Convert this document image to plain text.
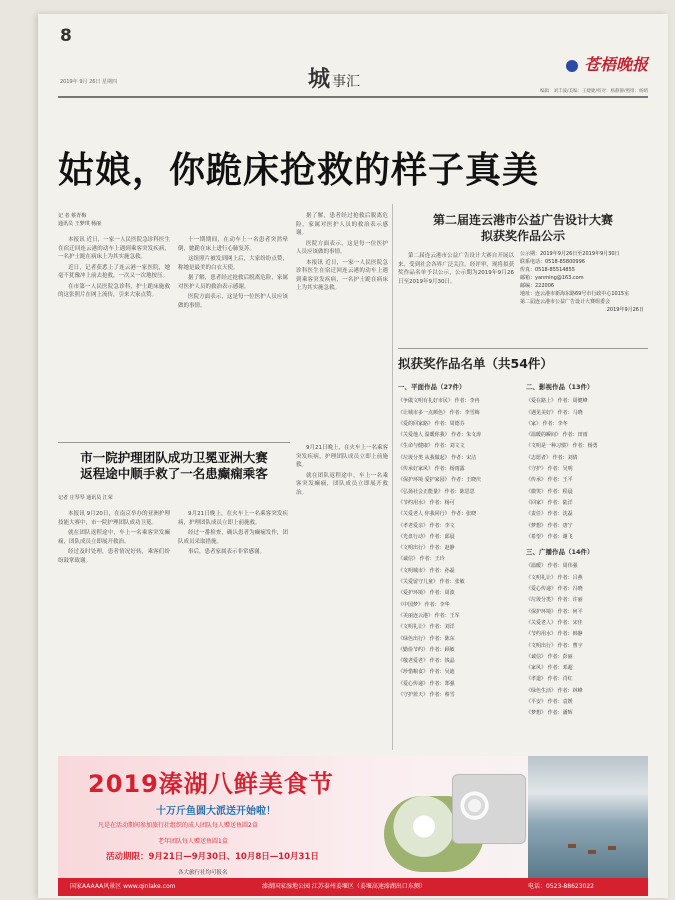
8
2019年 9月 26日 星期四	城事汇
苍梧晚报
编辑：刘丰波/美编：王婕婕/校对：杨静静/照排：杨晴
姑娘，你跪床抢救的样子真美
记 者 蔡青梅
通讯员 王梦琪 杨丽

本报讯 近日，一家一人民医院急诊科医生在宿迁回连云港的动车上遇到乘客突发疾病，一名护士跪在病床上为其实施急救。

近日，记者获悉上了连云港一家医院，她毫不犹豫冲上前去抢救，一次又一次地按压。

在市第一人民医院急诊科，护士跪床施救的这张照片在网上流传，引来大家点赞。

十一期期间，在动车上一名患者突然晕倒，她跪在床上进行心肺复苏。

这组照片被发到网上后，大家纷纷点赞，称她是最美的白衣天使。

据了解，患者经过抢救后脱离危险，家属对医护人员的救治表示感谢。

医院方面表示，这是每一位医护人员应该做的事情。

据了解，患者经过抢救后脱离危险，家属对医护人员的救治表示感谢。

医院方面表示，这是每一位医护人员应该做的事情。

本报讯 近日，一家一人民医院急诊科医生在宿迁回连云港的动车上遇到乘客突发疾病，一名护士跪在病床上为其实施急救。

市一院护理团队成功卫冕亚洲大赛
返程途中顺手救了一名患癫痫乘客
记者 庄琴琴 通讯员 江荣

本报讯 9月20日，在南京举办的亚洲护理技能大赛中，市一院护理团队成功卫冕。

就在团队返程途中，车上一名乘客突发癫痫，团队成员立即展开救治。

经过及时处理，患者情况好转，乘客们纷纷鼓掌致谢。

9月21日晚上，在火车上一名乘客突发疾病，护理团队成员立即上前施救。

经过一番检查，确认患者为癫痫发作，团队成员采取措施。

事后，患者家属表示非常感谢。

9月21日晚上，在火车上一名乘客突发疾病，护理团队成员立即上前施救。

就在团队返程途中，车上一名乘客突发癫痫，团队成员立即展开救治。

第二届连云港市公益广告设计大赛
拟获奖作品公示

第二届连云港市公益广告设计大赛自开展以来，受到社会各界广泛关注。经评审，现将拟获奖作品名单予以公示，公示期为2019年9月26日至2019年9月30日。

公示期：2019年9月26日至2019年9月30日
联系电话：0518-85800996
传真：0518-85514855
邮箱：yanming@163.com
邮编：222006
地址：连云港市新海东路69号市行政中心1015室
第二届连云港市公益广告设计大赛组委会
2019年9月26日
拟获奖作品名单（共54件）
一、平面作品（27件）
《争做文明有礼好市民》 作者：李冉
《让城市多一点颜色》 作者：李雪梅
《爱的回家路》 作者：周德芬
《关爱他人 温暖你我》 作者：朱文涛
《生命与健康》 作者：刘文文
《垃圾分类 从我做起》 作者：宋洁
《传承好家风》 作者：杨雨露
《保护环境 爱护家园》 作者：王晓庆
《弘扬社会正能量》 作者：陈思思
《节约用水》 作者：杨可
《关爱老人 你我同行》 作者：张晓
《孝老爱亲》 作者：李文
《光盘行动》 作者：邱晨
《文明出行》 作者：赵静
《诚信》 作者：王玲
《文明城市》 作者：孙磊
《关爱留守儿童》 作者：张敏
《爱护环境》 作者：周波
《中国梦》 作者：李华
《美丽连云港》 作者：王军
《文明礼让》 作者：刘洋
《绿色出行》 作者：陈东
《勤俭节约》 作者：顾敏
《敬老爱老》 作者：钱晶
《珍惜粮食》 作者：吴迪
《爱心传递》 作者：郑强
《守护蓝天》 作者：蔡雪
二、影视作品（13件）
《爱在路上》 作者：周健峰
《遇见美好》 作者：马晓
《家》 作者：李冬
《温暖的瞬间》 作者：田雨
《文明是一种习惯》 作者：杨勇
《志愿者》 作者：刘倩
《守护》 作者：吴明
《传承》 作者：王平
《微笑》 作者：程晨
《回家》 作者：陆洋
《责任》 作者：沈磊
《梦想》 作者：唐宁
《希望》 作者：谢飞
三、广播作品（14件）
《温暖》 作者：周伟强
《文明礼让》 作者：吕燕
《爱心传递》 作者：冯晓
《垃圾分类》 作者：许丽
《保护环境》 作者：何平
《关爱老人》 作者：宋佳
《节约用水》 作者：韩静
《文明出行》 作者：曹宇
《诚信》 作者：彭丽
《家风》 作者：邓超
《孝道》 作者：肖红
《绿色生活》 作者：林峰
《平安》 作者：袁媛
《梦想》 作者：潘辉
2019溱湖八鲜美食节
十万斤鱼圆大派送开始啦！
凡是在活动期间参加旅行社组织的成人团队每人赠送鱼圆2盒
老年团队每人赠送鱼圆1盒
活动期限：9月21日—9月30日、10月8日—10月31日
各大旅行社均可报名
国家AAAAA风景区 www.qinlake.com	溱湖国家湿地公园 江苏泰州姜堰区（姜堰高速溱湖出口东侧）	电话：0523-88623022
